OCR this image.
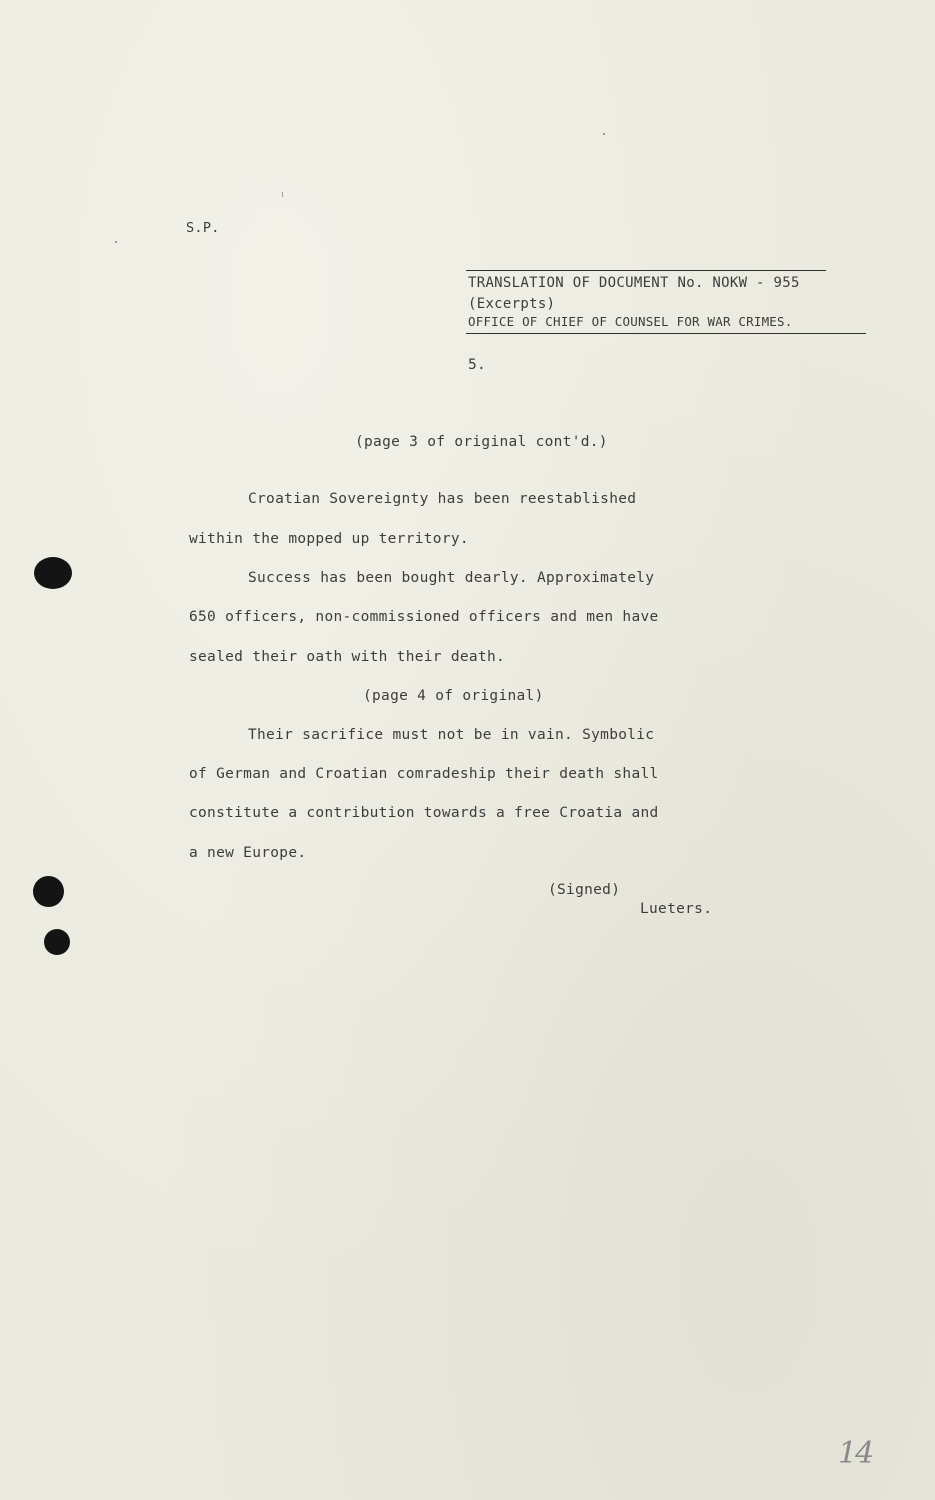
S.P.
TRANSLATION OF DOCUMENT No. NOKW - 955
(Excerpts)
OFFICE OF CHIEF OF COUNSEL FOR WAR CRIMES.
5.
(page 3 of original cont'd.)
Croatian Sovereignty has been reestablished
within the mopped up territory.
Success has been bought dearly. Approximately
650 officers, non-commissioned officers and men have
sealed their oath with their death.
(page 4 of original)
Their sacrifice must not be in vain. Symbolic
of German and Croatian comradeship their death shall
constitute a contribution towards a free Croatia and
a new Europe.
(Signed)
Lueters.
14
